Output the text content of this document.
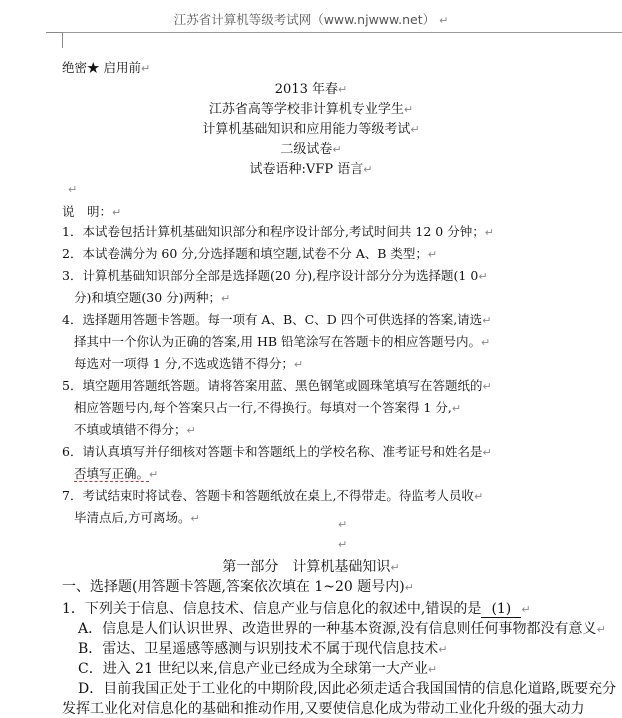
江苏省计算机等级考试网（www.njwww.net） ↵
绝密★ 启用前↵
2013 年春↵
江苏省高等学校非计算机专业学生↵
计算机基础知识和应用能力等级考试↵
二级试卷↵
试卷语种:VFP 语言↵
↵
说　明：↵
1．本试卷包括计算机基础知识部分和程序设计部分,考试时间共 12 0 分钟；↵
2．本试卷满分为 60 分,分选择题和填空题,试卷不分 A、B 类型；↵
3．计算机基础知识部分全部是选择题(20 分),程序设计部分分为选择题(1 0↵
分)和填空题(30 分)两种；↵
4．选择题用答题卡答题。每一项有 A、B、C、D 四个可供选择的答案,请选↵
择其中一个你认为正确的答案,用 HB 铅笔涂写在答题卡的相应答题号内。↵
每选对一项得 1 分,不选或选错不得分；↵
5．填空题用答题纸答题。请将答案用蓝、黑色钢笔或圆珠笔填写在答题纸的↵
相应答题号内,每个答案只占一行,不得换行。每填对一个答案得 1 分,↵
不填或填错不得分；↵
6．请认真填写并仔细核对答题卡和答题纸上的学校名称、准考证号和姓名是↵
否填写正确。↵
7．考试结束时将试卷、答题卡和答题纸放在桌上,不得带走。待监考人员收↵
毕清点后,方可离场。↵	↵
↵
第一部分　计算机基础知识↵
一、选择题(用答题卡答题,答案依次填在 1~20 题号内)↵
1．下列关于信息、信息技术、信息产业与信息化的叙述中,错误的是 (1) ↵
A．信息是人们认识世界、改造世界的一种基本资源,没有信息则任何事物都没有意义↵
B．雷达、卫星遥感等感测与识别技术不属于现代信息技术↵
C．进入 21 世纪以来,信息产业已经成为全球第一大产业↵
D．目前我国正处于工业化的中期阶段,因此必须走适合我国国情的信息化道路,既要充分
发挥工业化对信息化的基础和推动作用,又要使信息化成为带动工业化升级的强大动力
